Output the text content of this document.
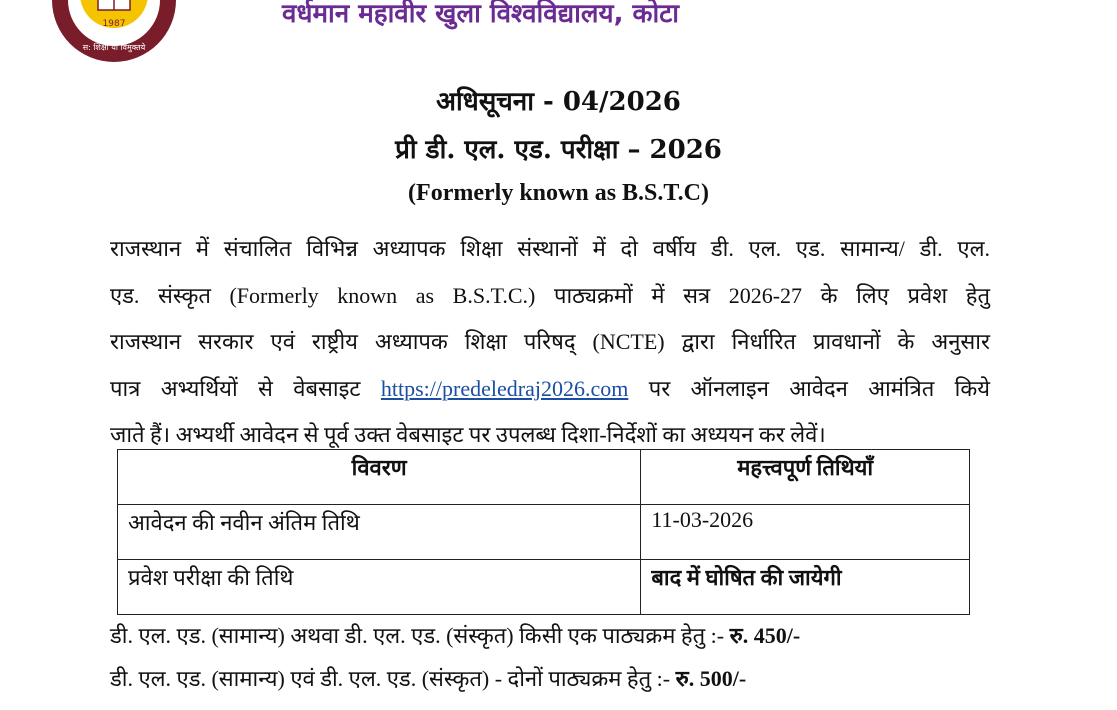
1987
स: शिक्षा या विमुक्तये
वर्धमान महावीर खुला विश्वविद्यालय, कोटा
अधिसूचना - 04/2026
प्री डी. एल. एड. परीक्षा – 2026
(Formerly known as B.S.T.C)
राजस्थान में संचालित विभिन्न अध्यापक शिक्षा संस्थानों में दो वर्षीय डी. एल. एड. सामान्य/ डी. एल.
एड. संस्कृत (Formerly known as B.S.T.C.) पाठ्यक्रमों में सत्र 2026-27 के लिए प्रवेश हेतु
राजस्थान सरकार एवं राष्ट्रीय अध्यापक शिक्षा परिषद् (NCTE) द्वारा निर्धारित प्रावधानों के अनुसार
पात्र अभ्यर्थियों से वेबसाइट https://predeledraj2026.com पर ऑनलाइन आवेदन आमंत्रित किये
जाते हैं। अभ्यर्थी आवेदन से पूर्व उक्त वेबसाइट पर उपलब्ध दिशा-निर्देशों का अध्ययन कर लेवें।
विवरण	महत्त्वपूर्ण तिथियाँ
आवेदन की नवीन अंतिम तिथि	11-03-2026
प्रवेश परीक्षा की तिथि	बाद में घोषित की जायेगी
डी. एल. एड. (सामान्य) अथवा डी. एल. एड. (संस्कृत) किसी एक पाठ्यक्रम हेतु :- रु. 450/-
डी. एल. एड. (सामान्य) एवं डी. एल. एड. (संस्कृत) - दोनों पाठ्यक्रम हेतु :- रु. 500/-
